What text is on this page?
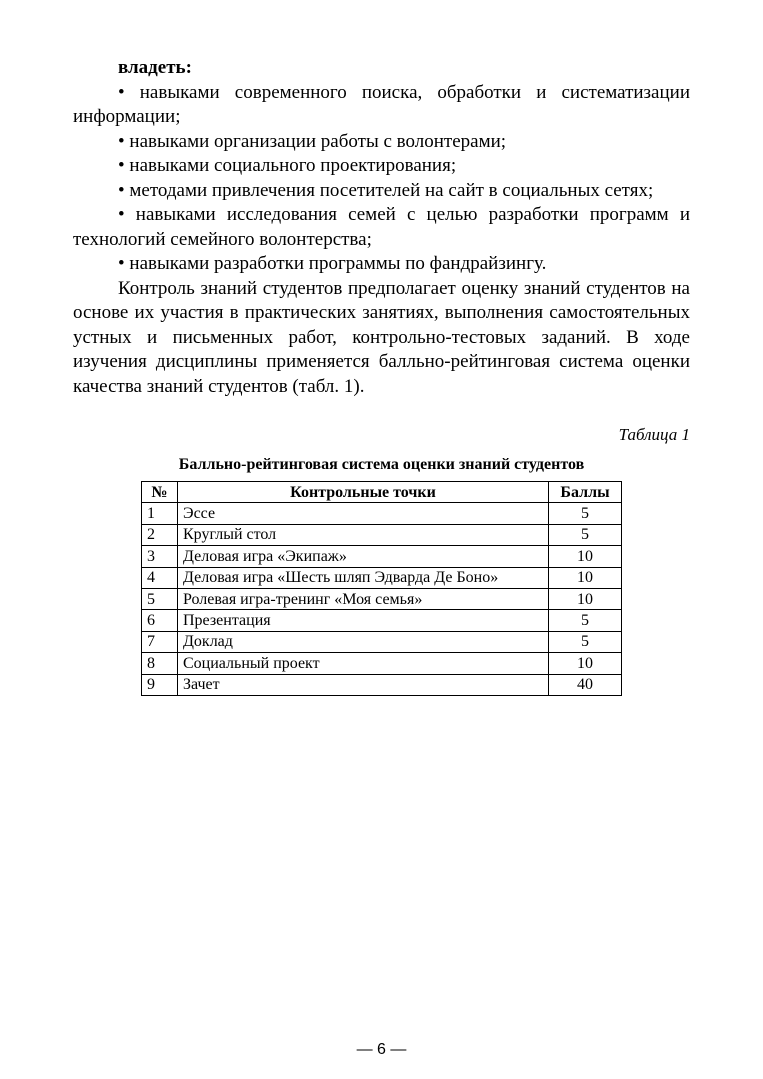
владеть:

• навыками современного поиска, обработки и систематизации информации;

• навыками организации работы с волонтерами;

• навыками социального проектирования;

• методами привлечения посетителей на сайт в социальных сетях;

• навыками исследования семей с целью разработки программ и технологий семейного волонтерства;

• навыками разработки программы по фандрайзингу.

Контроль знаний студентов предполагает оценку знаний студентов на основе их участия в практических занятиях, выполнения самостоятельных устных и письменных работ, контрольно-тестовых заданий. В ходе изучения дисциплины применяется балльно-рейтинговая система оценки качества знаний студентов (табл. 1).

Таблица 1
Балльно-рейтинговая система оценки знаний студентов
№	Контрольные точки	Баллы
1	Эссе	5
2	Круглый стол	5
3	Деловая игра «Экипаж»	10
4	Деловая игра «Шесть шляп Эдварда Де Боно»	10
5	Ролевая игра-тренинг «Моя семья»	10
6	Презентация	5
7	Доклад	5
8	Социальный проект	10
9	Зачет	40
— 6 —
